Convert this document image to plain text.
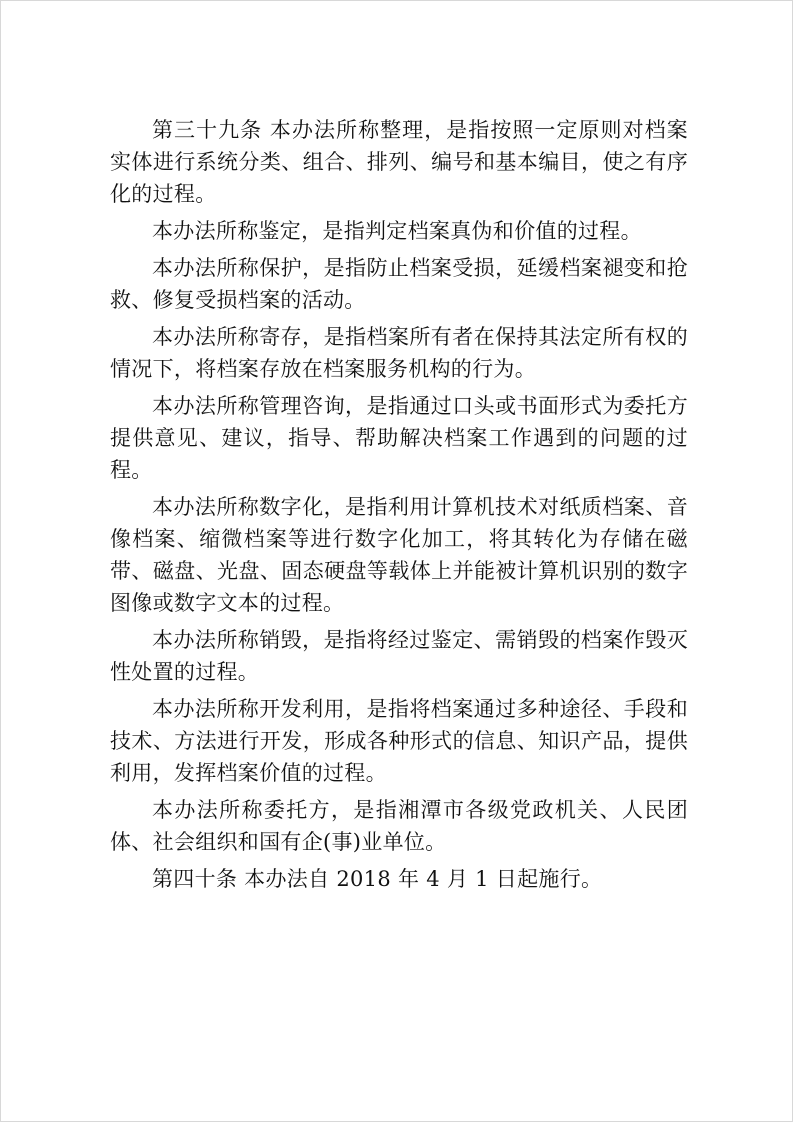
第三十九条 本办法所称整理，是指按照一定原则对档案实体进行系统分类、组合、排列、编号和基本编目，使之有序化的过程。

本办法所称鉴定，是指判定档案真伪和价值的过程。

本办法所称保护，是指防止档案受损，延缓档案褪变和抢救、修复受损档案的活动。

本办法所称寄存，是指档案所有者在保持其法定所有权的情况下，将档案存放在档案服务机构的行为。

本办法所称管理咨询，是指通过口头或书面形式为委托方提供意见、建议，指导、帮助解决档案工作遇到的问题的过程。

本办法所称数字化，是指利用计算机技术对纸质档案、音像档案、缩微档案等进行数字化加工，将其转化为存储在磁带、磁盘、光盘、固态硬盘等载体上并能被计算机识别的数字图像或数字文本的过程。

本办法所称销毁，是指将经过鉴定、需销毁的档案作毁灭性处置的过程。

本办法所称开发利用，是指将档案通过多种途径、手段和技术、方法进行开发，形成各种形式的信息、知识产品，提供利用，发挥档案价值的过程。

本办法所称委托方，是指湘潭市各级党政机关、人民团体、社会组织和国有企(事)业单位。

第四十条 本办法自 2018 年 4 月 1 日起施行。
